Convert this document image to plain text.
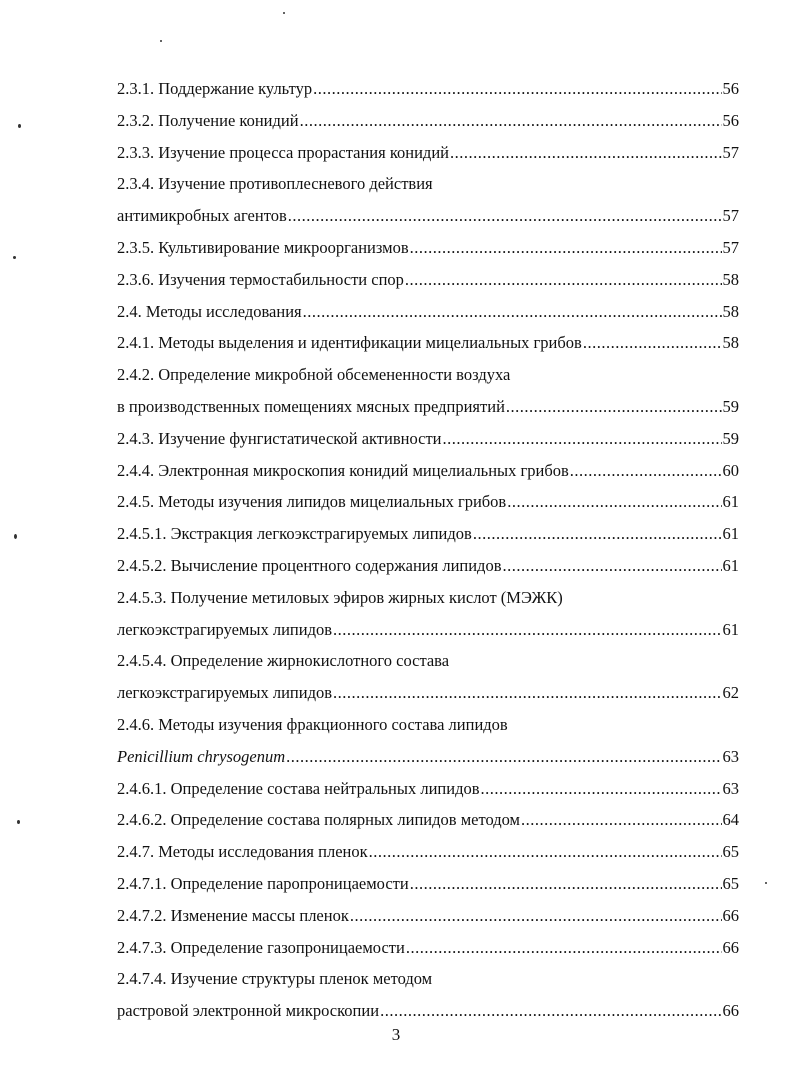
2.3.1. Поддержание культур .....	56
2.3.2. Получение конидий .....	56
2.3.3. Изучение процесса прорастания конидий .....	57
2.3.4. Изучение противоплесневого действия
антимикробных агентов .....	57
2.3.5. Культивирование микроорганизмов .....	57
2.3.6. Изучения термостабильности спор .....	58
2.4. Методы исследования .....	58
2.4.1. Методы выделения и идентификации мицелиальных грибов .....	58
2.4.2. Определение микробной обсемененности воздуха
в производственных помещениях мясных предприятий .....	59
2.4.3. Изучение фунгистатической активности .....	59
2.4.4. Электронная микроскопия конидий мицелиальных грибов .....	60
2.4.5. Методы изучения липидов мицелиальных грибов .....	61
2.4.5.1. Экстракция легкоэкстрагируемых липидов .....	61
2.4.5.2. Вычисление процентного содержания липидов .....	61
2.4.5.3. Получение метиловых эфиров жирных кислот (МЭЖК)
легкоэкстрагируемых липидов .....	61
2.4.5.4. Определение жирнокислотного состава
легкоэкстрагируемых липидов .....	62
2.4.6. Методы изучения фракционного состава липидов
Penicillium chrysogenum .....	63
2.4.6.1. Определение состава нейтральных липидов .....	63
2.4.6.2. Определение состава полярных липидов методом .....	64
2.4.7. Методы исследования пленок .....	65
2.4.7.1. Определение паропроницаемости .....	65
2.4.7.2. Изменение массы пленок .....	66
2.4.7.3. Определение газопроницаемости .....	66
2.4.7.4. Изучение структуры пленок методом
растровой электронной микроскопии .....	66
3
